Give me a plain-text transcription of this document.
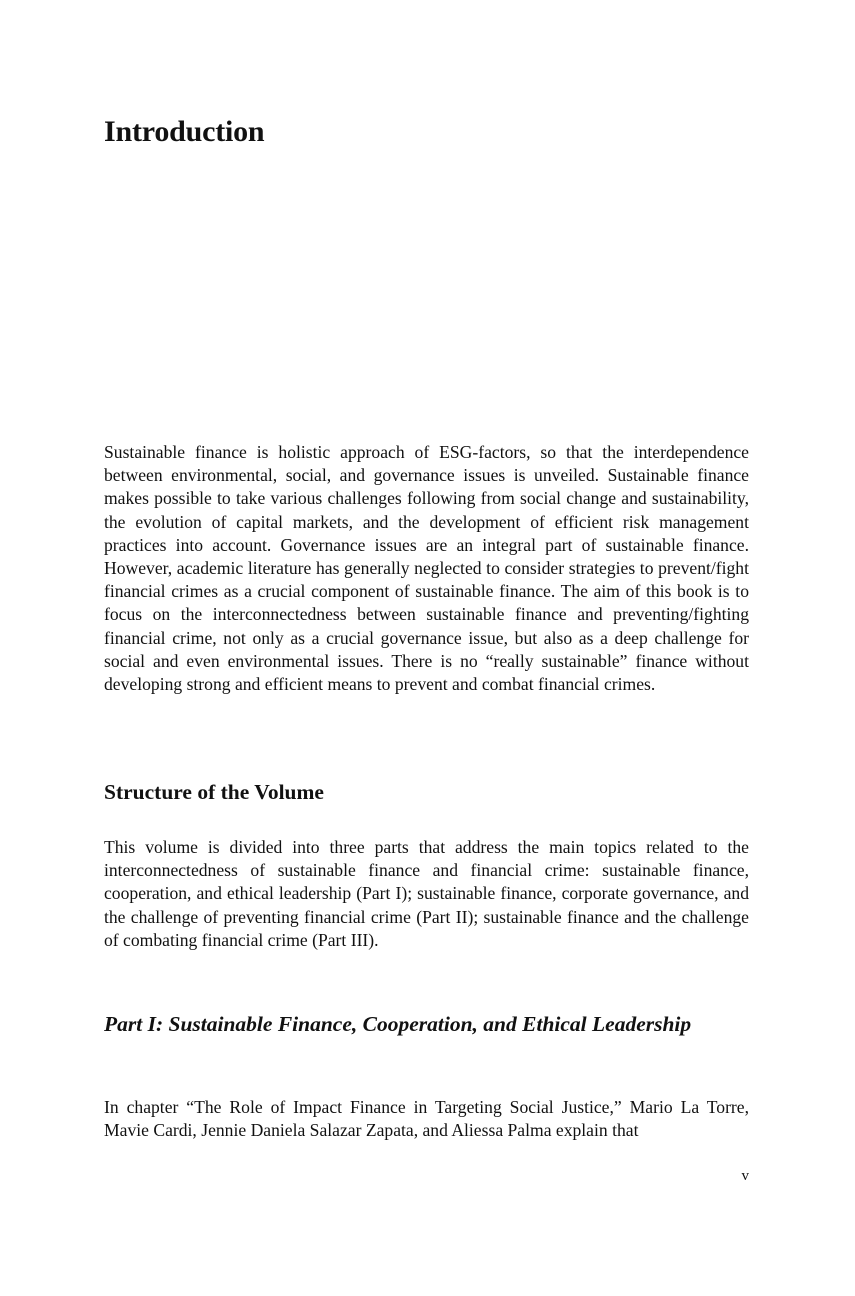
Introduction

Sustainable finance is holistic approach of ESG-factors, so that the interdependence between environmental, social, and governance issues is unveiled. Sustainable finance makes possible to take various challenges following from social change and sustainability, the evolution of capital markets, and the development of efficient risk management practices into account. Governance issues are an integral part of sustainable finance. However, academic literature has generally neglected to consider strategies to prevent/fight financial crimes as a crucial component of sustainable finance. The aim of this book is to focus on the interconnectedness between sustainable finance and preventing/fighting financial crime, not only as a crucial governance issue, but also as a deep challenge for social and even environmental issues. There is no “really sustainable” finance without developing strong and efficient means to prevent and combat financial crimes.

Structure of the Volume

This volume is divided into three parts that address the main topics related to the interconnectedness of sustainable finance and financial crime: sustainable finance, cooperation, and ethical leadership (Part I); sustainable finance, corporate governance, and the challenge of preventing financial crime (Part II); sustainable finance and the challenge of combating financial crime (Part III).

Part I: Sustainable Finance, Cooperation, and Ethical Leadership

In chapter “The Role of Impact Finance in Targeting Social Justice,” Mario La Torre, Mavie Cardi, Jennie Daniela Salazar Zapata, and Aliessa Palma explain that

v
